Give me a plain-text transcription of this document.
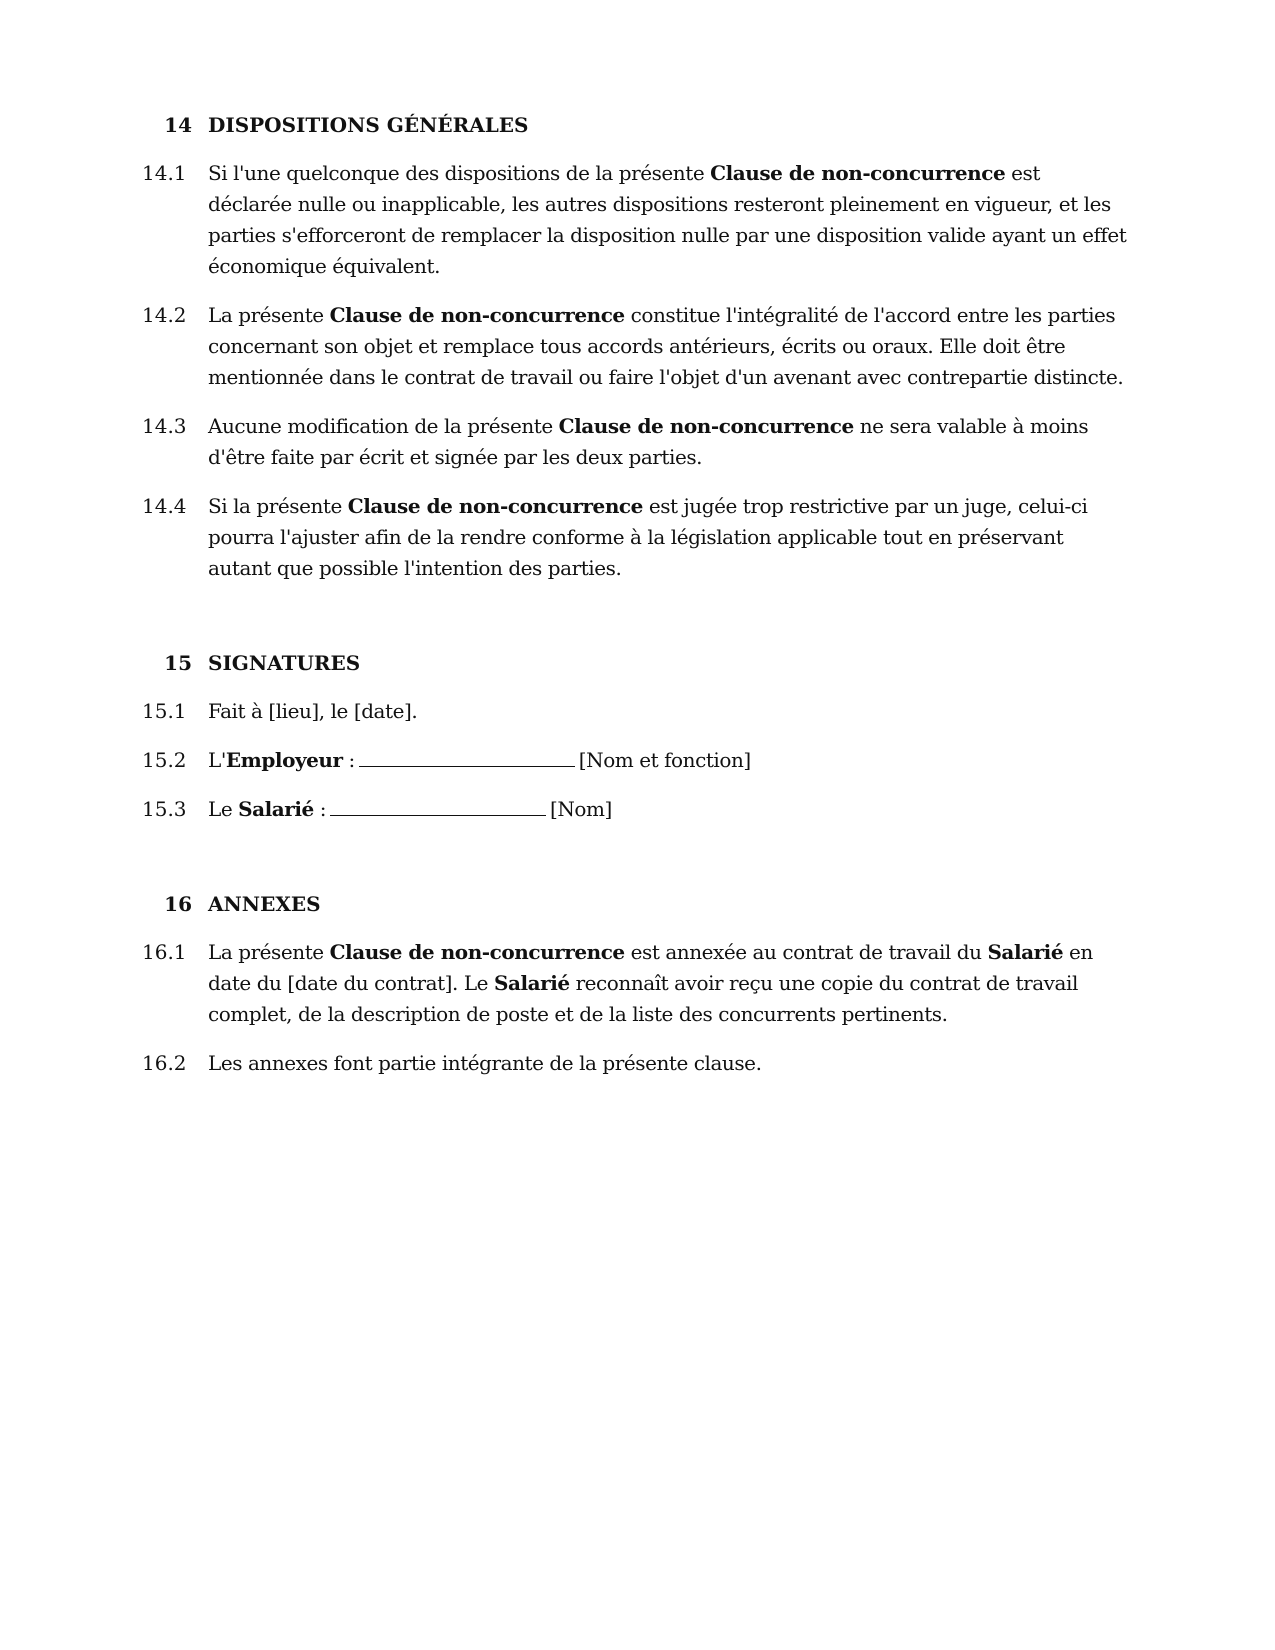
14 DISPOSITIONS GÉNÉRALES
14.1	Si l'une quelconque des dispositions de la présente Clause de non-concurrence est déclarée nulle ou inapplicable, les autres dispositions resteront pleinement en vigueur, et les parties s'efforceront de remplacer la disposition nulle par une disposition valide ayant un effet économique équivalent.
14.2	La présente Clause de non-concurrence constitue l'intégralité de l'accord entre les parties concernant son objet et remplace tous accords antérieurs, écrits ou oraux. Elle doit être mentionnée dans le contrat de travail ou faire l'objet d'un avenant avec contrepartie distincte.
14.3	Aucune modification de la présente Clause de non-concurrence ne sera valable à moins d'être faite par écrit et signée par les deux parties.
14.4	Si la présente Clause de non-concurrence est jugée trop restrictive par un juge, celui-ci pourra l'ajuster afin de la rendre conforme à la législation applicable tout en préservant autant que possible l'intention des parties.
15 SIGNATURES
15.1	Fait à [lieu], le [date].
15.2	L'Employeur :	[Nom et fonction]
15.3	Le Salarié :	[Nom]
16 ANNEXES
16.1	La présente Clause de non-concurrence est annexée au contrat de travail du Salarié en date du [date du contrat]. Le Salarié reconnaît avoir reçu une copie du contrat de travail complet, de la description de poste et de la liste des concurrents pertinents.
16.2	Les annexes font partie intégrante de la présente clause.
